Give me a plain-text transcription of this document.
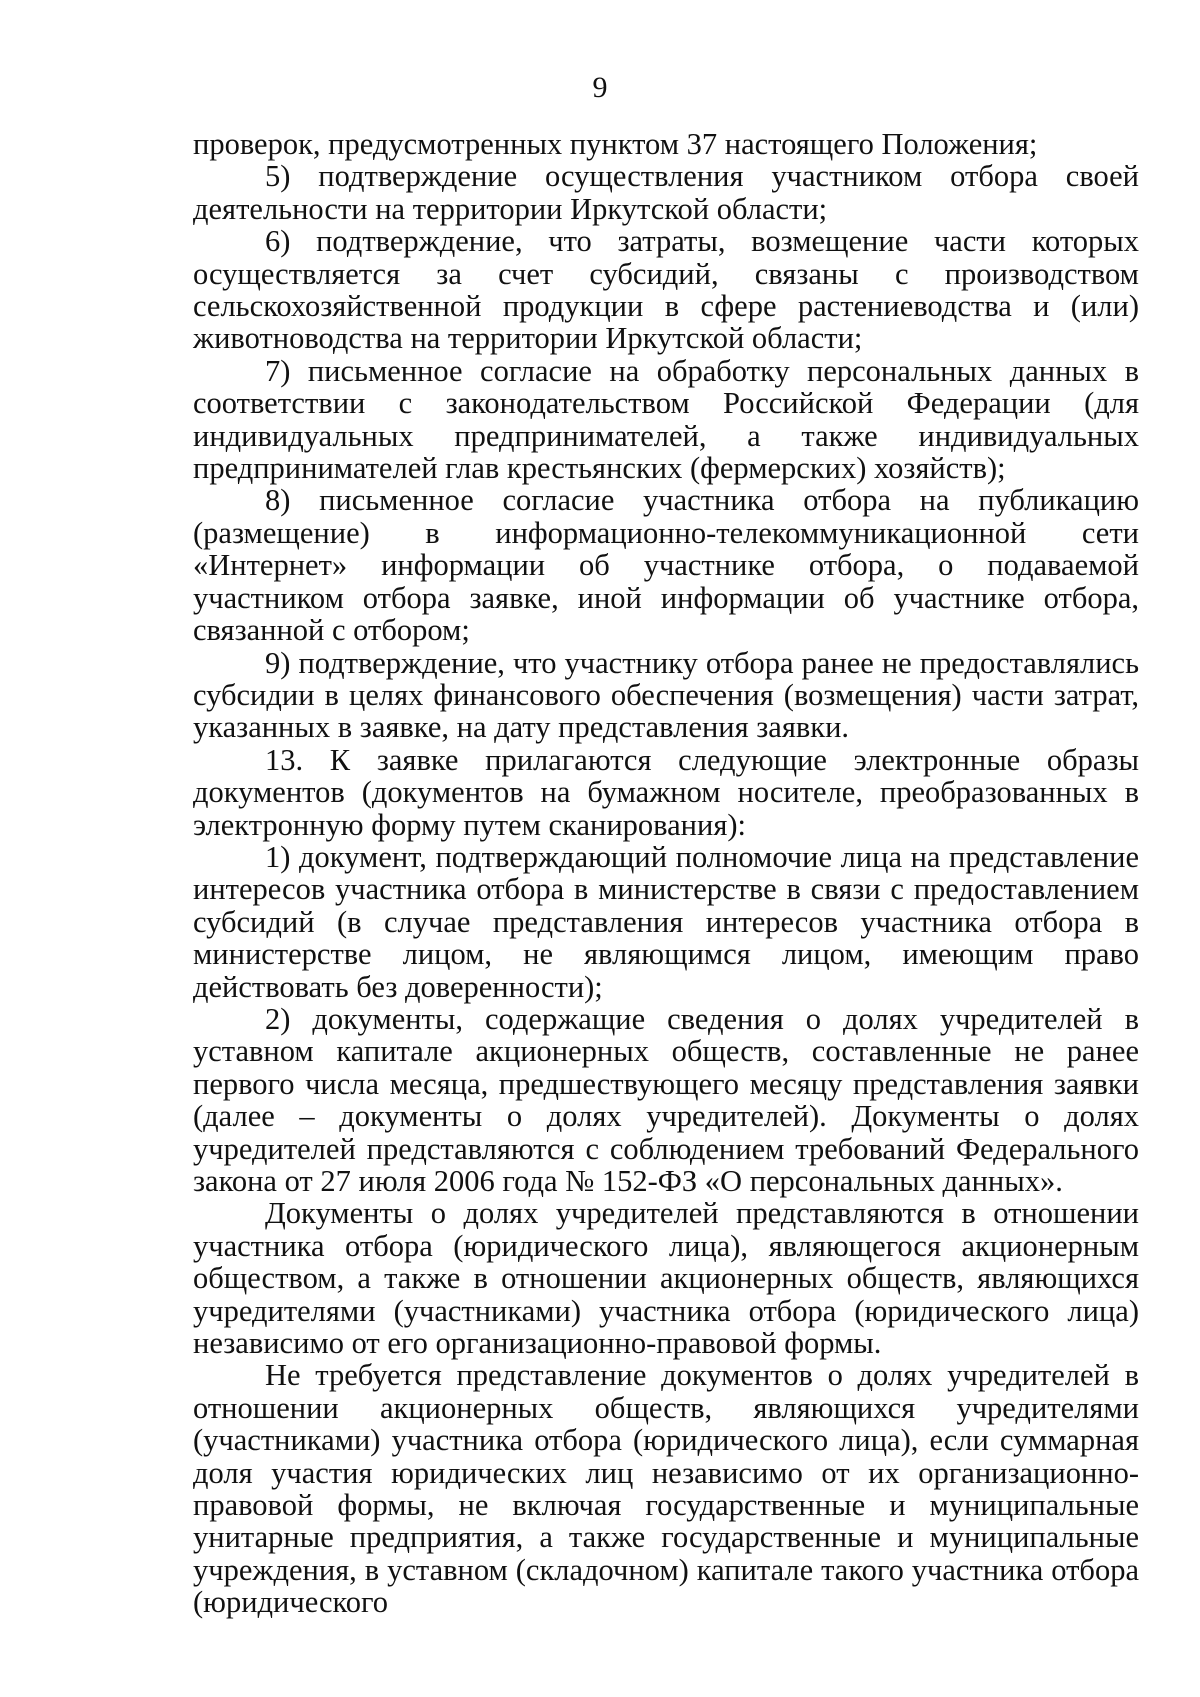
9

проверок, предусмотренных пунктом 37 настоящего Положения;

5) подтверждение осуществления участником отбора своей деятельности на территории Иркутской области;

6) подтверждение, что затраты, возмещение части которых осуществляется за счет субсидий, связаны с производством сельскохозяйственной продукции в сфере растениеводства и (или) животноводства на территории Иркутской области;

7) письменное согласие на обработку персональных данных в соответствии с законодательством Российской Федерации (для индивидуальных предпринимателей, а также индивидуальных предпринимателей глав крестьянских (фермерских) хозяйств);

8) письменное согласие участника отбора на публикацию (размещение) в информационно-телекоммуникационной сети «Интернет» информации об участнике отбора, о подаваемой участником отбора заявке, иной информации об участнике отбора, связанной с отбором;

9) подтверждение, что участнику отбора ранее не предоставлялись субсидии в целях финансового обеспечения (возмещения) части затрат, указанных в заявке, на дату представления заявки.

13. К заявке прилагаются следующие электронные образы документов (документов на бумажном носителе, преобразованных в электронную форму путем сканирования):

1) документ, подтверждающий полномочие лица на представление интересов участника отбора в министерстве в связи с предоставлением субсидий (в случае представления интересов участника отбора в министерстве лицом, не являющимся лицом, имеющим право действовать без доверенности);

2) документы, содержащие сведения о долях учредителей в уставном капитале акционерных обществ, составленные не ранее первого числа месяца, предшествующего месяцу представления заявки (далее – документы о долях учредителей). Документы о долях учредителей представляются с соблюдением требований Федерального закона от 27 июля 2006 года № 152-ФЗ «О персональных данных».

Документы о долях учредителей представляются в отношении участника отбора (юридического лица), являющегося акционерным обществом, а также в отношении акционерных обществ, являющихся учредителями (участниками) участника отбора (юридического лица) независимо от его организационно-правовой формы.

Не требуется представление документов о долях учредителей в отношении акционерных обществ, являющихся учредителями (участниками) участника отбора (юридического лица), если суммарная доля участия юридических лиц независимо от их организационно-правовой формы, не включая государственные и муниципальные унитарные предприятия, а также государственные и муниципальные учреждения, в уставном (складочном) капитале такого участника отбора (юридического
